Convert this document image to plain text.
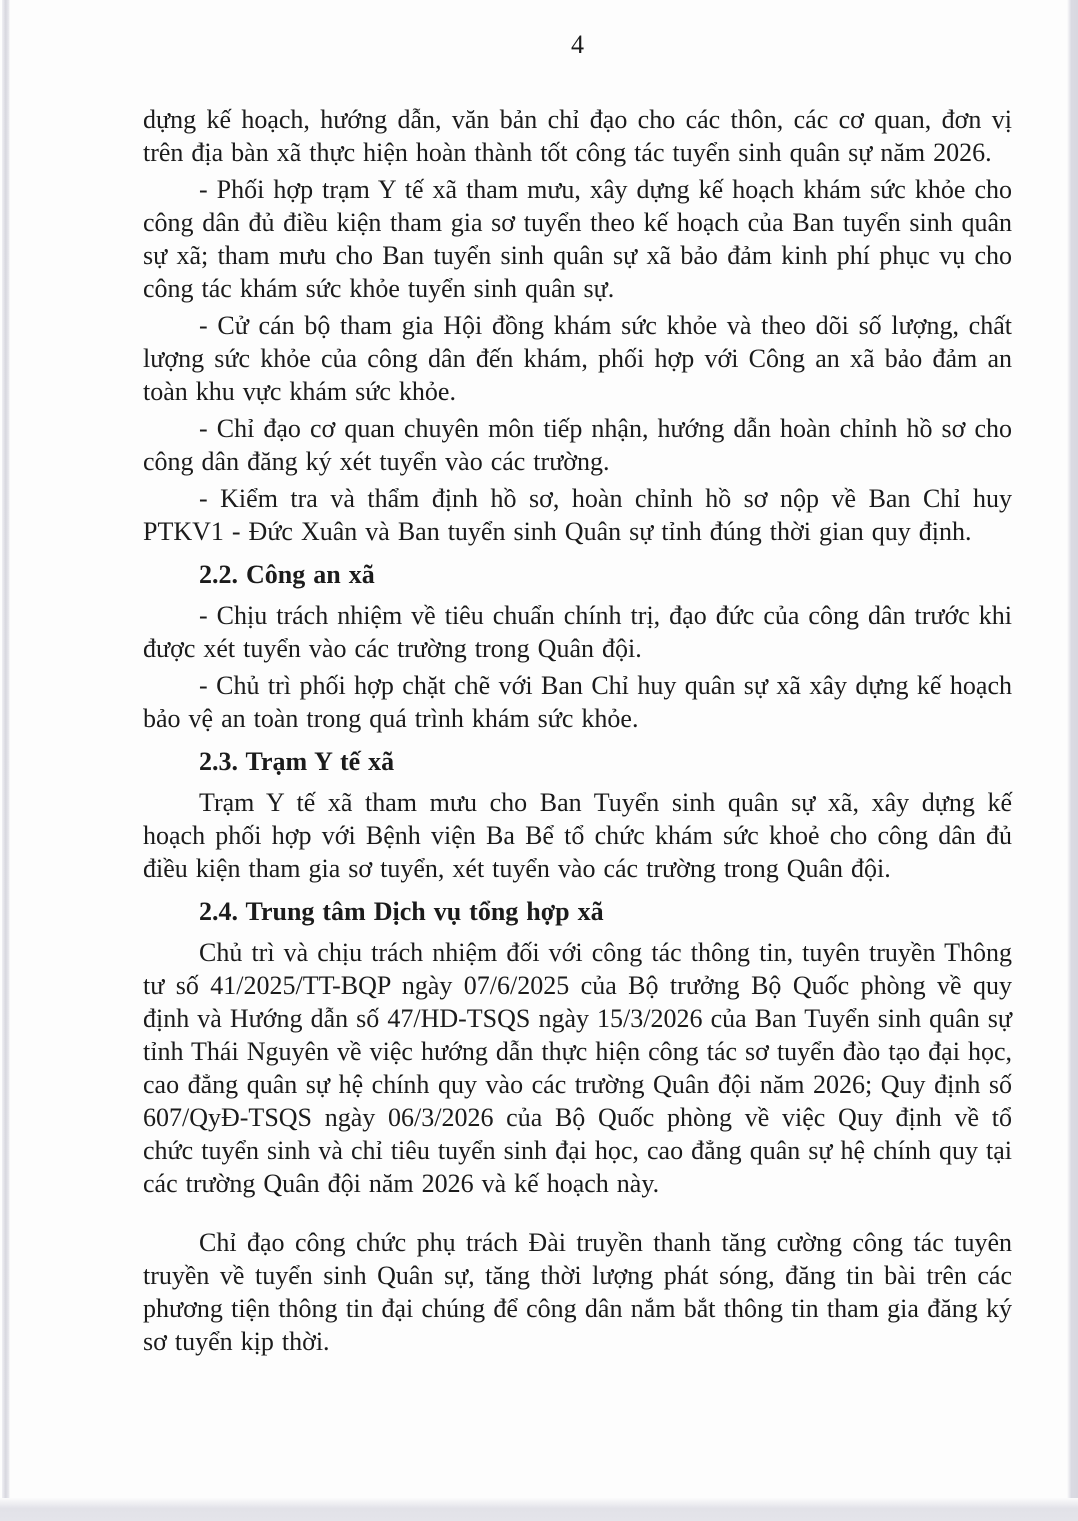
4

dựng kế hoạch, hướng dẫn, văn bản chỉ đạo cho các thôn, các cơ quan, đơn vị trên địa bàn xã thực hiện hoàn thành tốt công tác tuyển sinh quân sự năm 2026.

- Phối hợp trạm Y tế xã tham mưu, xây dựng kế hoạch khám sức khỏe cho công dân đủ điều kiện tham gia sơ tuyển theo kế hoạch của Ban tuyển sinh quân sự xã; tham mưu cho Ban tuyển sinh quân sự xã bảo đảm kinh phí phục vụ cho công tác khám sức khỏe tuyển sinh quân sự.

- Cử cán bộ tham gia Hội đồng khám sức khỏe và theo dõi số lượng, chất lượng sức khỏe của công dân đến khám, phối hợp với Công an xã bảo đảm an toàn khu vực khám sức khỏe.

- Chỉ đạo cơ quan chuyên môn tiếp nhận, hướng dẫn hoàn chỉnh hồ sơ cho công dân đăng ký xét tuyển vào các trường.

- Kiểm tra và thẩm định hồ sơ, hoàn chỉnh hồ sơ nộp về Ban Chỉ huy PTKV1 - Đức Xuân và Ban tuyển sinh Quân sự tỉnh đúng thời gian quy định.

2.2. Công an xã

- Chịu trách nhiệm về tiêu chuẩn chính trị, đạo đức của công dân trước khi được xét tuyển vào các trường trong Quân đội.

- Chủ trì phối hợp chặt chẽ với Ban Chỉ huy quân sự xã xây dựng kế hoạch bảo vệ an toàn trong quá trình khám sức khỏe.

2.3. Trạm Y tế xã

Trạm Y tế xã tham mưu cho Ban Tuyển sinh quân sự xã, xây dựng kế hoạch phối hợp với Bệnh viện Ba Bể tổ chức khám sức khoẻ cho công dân đủ điều kiện tham gia sơ tuyển, xét tuyển vào các trường trong Quân đội.

2.4. Trung tâm Dịch vụ tổng hợp xã

Chủ trì và chịu trách nhiệm đối với công tác thông tin, tuyên truyền Thông tư số 41/2025/TT-BQP ngày 07/6/2025 của Bộ trưởng Bộ Quốc phòng về quy định và Hướng dẫn số 47/HD-TSQS ngày 15/3/2026 của Ban Tuyển sinh quân sự tỉnh Thái Nguyên về việc hướng dẫn thực hiện công tác sơ tuyển đào tạo đại học, cao đẳng quân sự hệ chính quy vào các trường Quân đội năm 2026; Quy định số 607/QyĐ-TSQS ngày 06/3/2026 của Bộ Quốc phòng về việc Quy định về tổ chức tuyển sinh và chỉ tiêu tuyển sinh đại học, cao đẳng quân sự hệ chính quy tại các trường Quân đội năm 2026 và kế hoạch này.

Chỉ đạo công chức phụ trách Đài truyền thanh tăng cường công tác tuyên truyền về tuyển sinh Quân sự, tăng thời lượng phát sóng, đăng tin bài trên các phương tiện thông tin đại chúng để công dân nắm bắt thông tin tham gia đăng ký sơ tuyển kịp thời.
